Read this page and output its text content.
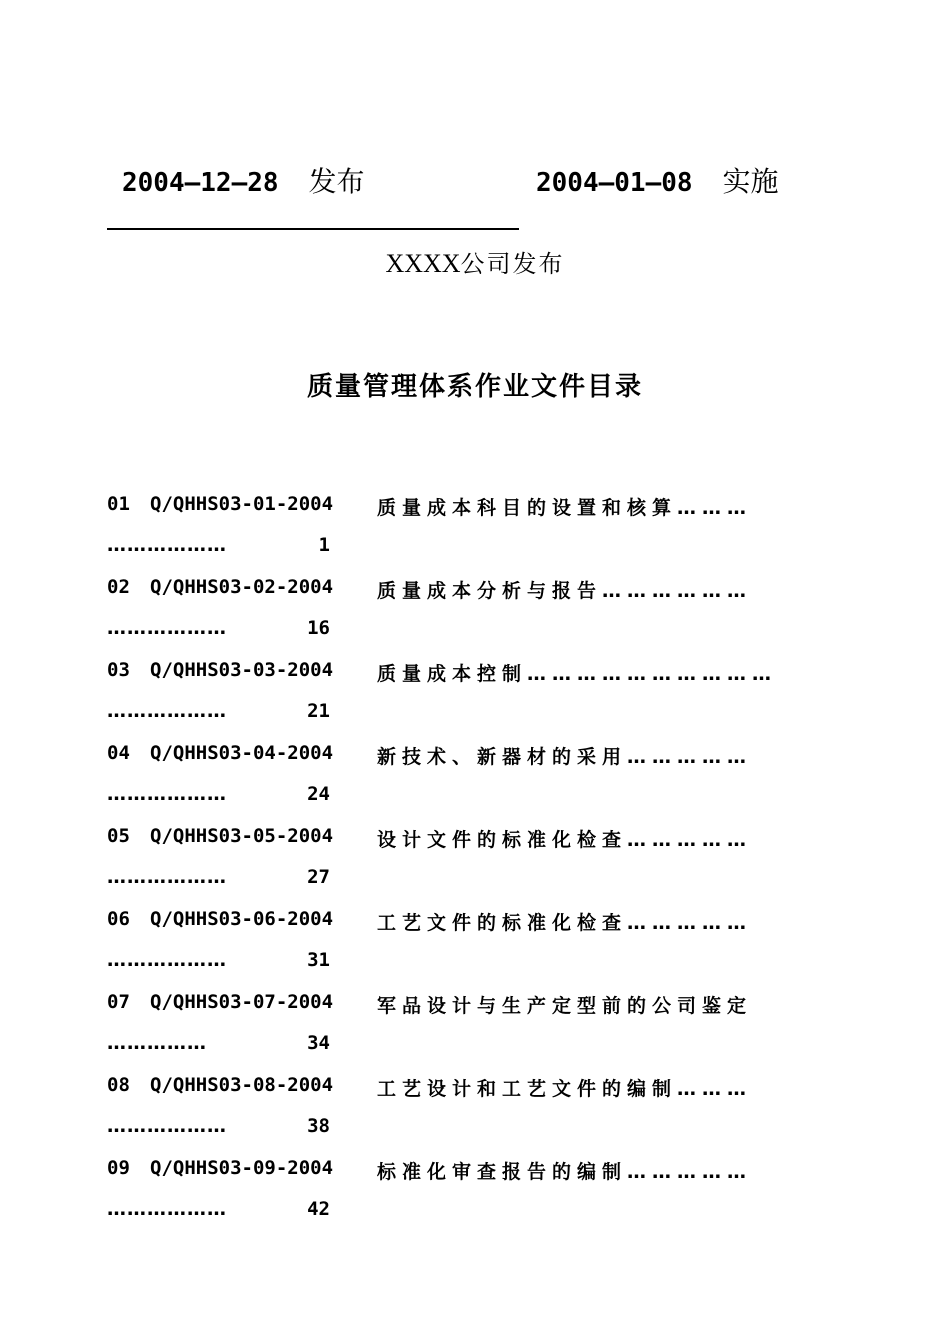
2004—12—28 发布	2004—01—08 实施
XXXX公司发布
质量管理体系作业文件目录
01 Q/QHHS03-01-2004 质量成本科目的设置和核算………
………………	1
02 Q/QHHS03-02-2004 质量成本分析与报告………………
………………	16
03 Q/QHHS03-03-2004 质量成本控制…………………………
………………	21
04 Q/QHHS03-04-2004 新技术、新器材的采用……………
………………	24
05 Q/QHHS03-05-2004 设计文件的标准化检查……………
………………	27
06 Q/QHHS03-06-2004 工艺文件的标准化检查……………
………………	31
07 Q/QHHS03-07-2004 军品设计与生产定型前的公司鉴定
……………	34
08 Q/QHHS03-08-2004 工艺设计和工艺文件的编制………
………………	38
09 Q/QHHS03-09-2004 标准化审查报告的编制……………
………………	42
